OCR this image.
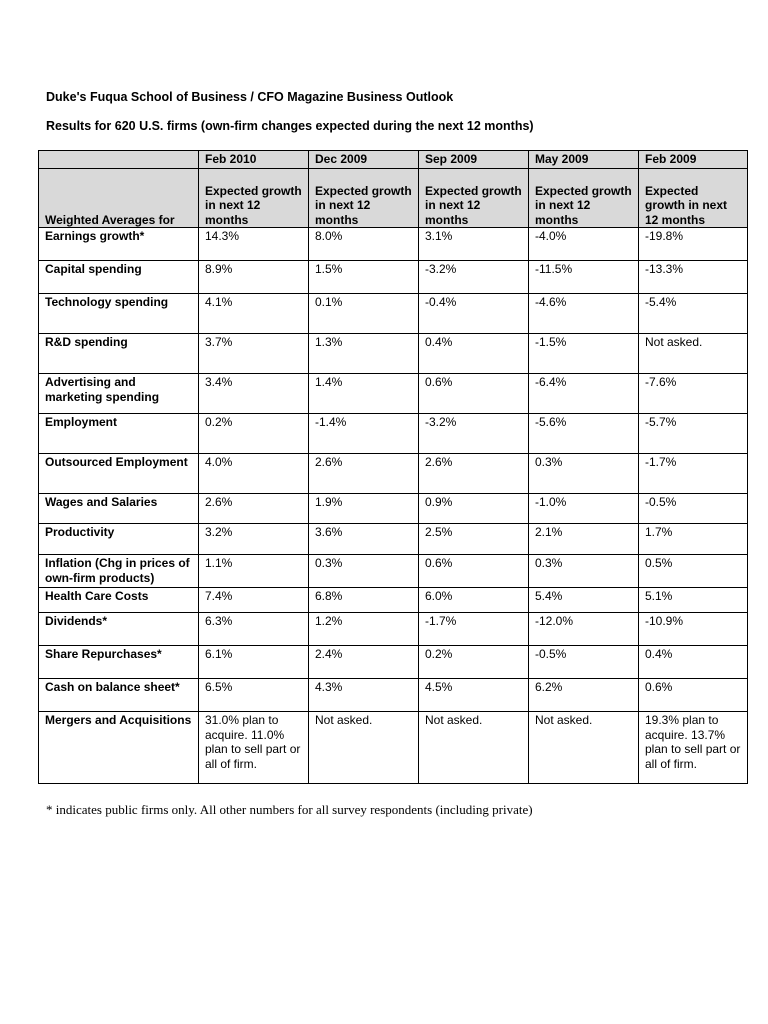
Duke's Fuqua School of Business / CFO Magazine Business Outlook
Results for 620 U.S. firms (own-firm changes expected during the next 12 months)
	Feb 2010	Dec 2009	Sep 2009	May 2009	Feb 2009
Weighted Averages for	Expected growth in next 12 months	Expected growth in next 12 months	Expected growth in next 12 months	Expected growth in next 12 months	Expected growth in next 12 months
Earnings growth*	14.3%	8.0%	3.1%	-4.0%	-19.8%
Capital spending	8.9%	1.5%	-3.2%	-11.5%	-13.3%
Technology spending	4.1%	0.1%	-0.4%	-4.6%	-5.4%
R&D spending	3.7%	1.3%	0.4%	-1.5%	Not asked.
Advertising and marketing spending	3.4%	1.4%	0.6%	-6.4%	-7.6%
Employment	0.2%	-1.4%	-3.2%	-5.6%	-5.7%
Outsourced Employment	4.0%	2.6%	2.6%	0.3%	-1.7%
Wages and Salaries	2.6%	1.9%	0.9%	-1.0%	-0.5%
Productivity	3.2%	3.6%	2.5%	2.1%	1.7%
Inflation (Chg in prices of own-firm products)	1.1%	0.3%	0.6%	0.3%	0.5%
Health Care Costs	7.4%	6.8%	6.0%	5.4%	5.1%
Dividends*	6.3%	1.2%	-1.7%	-12.0%	-10.9%
Share Repurchases*	6.1%	2.4%	0.2%	-0.5%	0.4%
Cash on balance sheet*	6.5%	4.3%	4.5%	6.2%	0.6%
Mergers and Acquisitions	31.0% plan to acquire. 11.0% plan to sell part or all of firm.	Not asked.	Not asked.	Not asked.	19.3% plan to acquire. 13.7% plan to sell part or all of firm.
* indicates public firms only. All other numbers for all survey respondents (including private)
